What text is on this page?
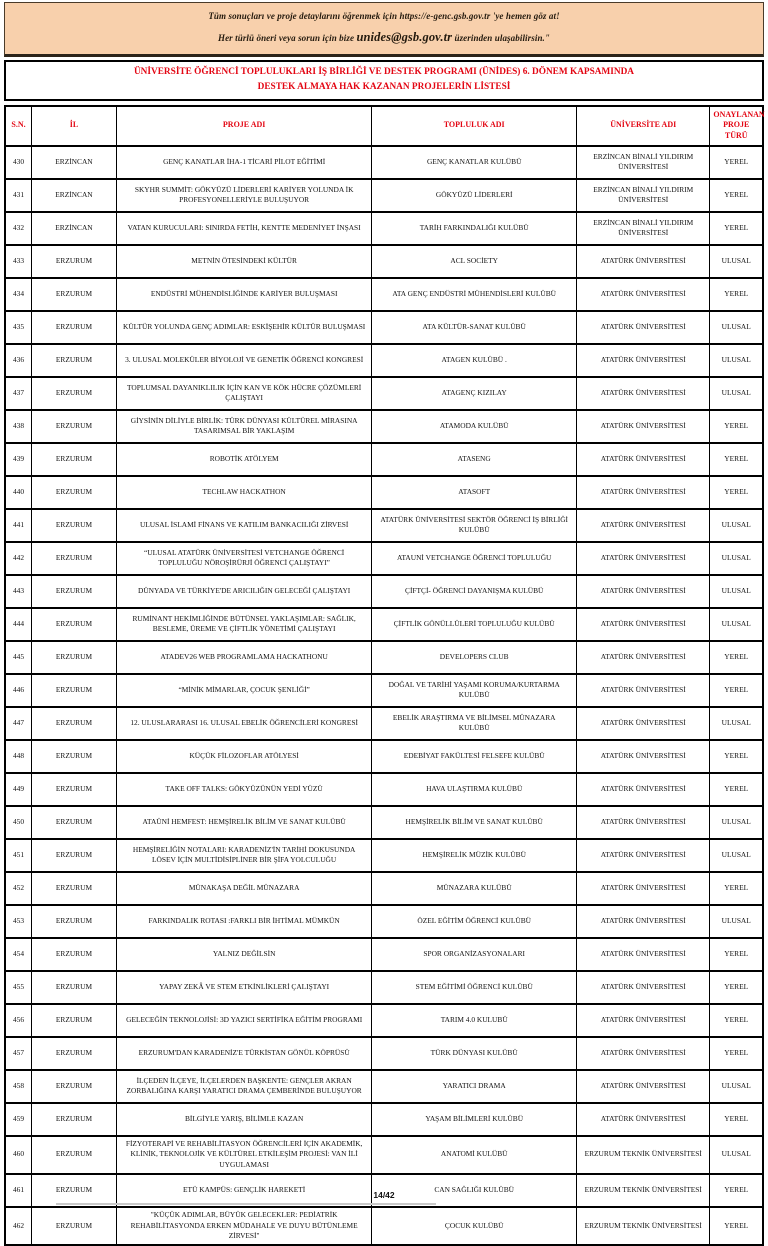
Tüm sonuçları ve proje detaylarını öğrenmek için https://e-genc.gsb.gov.tr 'ye hemen göz at!
Her türlü öneri veya sorun için bize unides@gsb.gov.tr üzerinden ulaşabilirsin."
ÜNİVERSİTE ÖĞRENCİ TOPLULUKLARI İŞ BİRLİĞİ VE DESTEK PROGRAMI (ÜNİDES) 6. DÖNEM KAPSAMINDA
DESTEK ALMAYA HAK KAZANAN PROJELERİN LİSTESİ
S.N.	İL	PROJE ADI	TOPLULUK ADI	ÜNİVERSİTE ADI	ONAYLANAN PROJE TÜRÜ
430	ERZİNCAN	GENÇ KANATLAR İHA-1 TİCARİ PİLOT EĞİTİMİ	GENÇ KANATLAR KULÜBÜ	ERZİNCAN BİNALİ YILDIRIM ÜNİVERSİTESİ	YEREL
431	ERZİNCAN	SKYHR SUMMİT: GÖKYÜZÜ LİDERLERİ KARİYER YOLUNDA İK PROFESYONELLERİYLE BULUŞUYOR	GÖKYÜZÜ LİDERLERİ	ERZİNCAN BİNALİ YILDIRIM ÜNİVERSİTESİ	YEREL
432	ERZİNCAN	VATAN KURUCULARI: SINIRDA FETİH, KENTTE MEDENİYET İNŞASI	TARİH FARKINDALIĞI KULÜBÜ	ERZİNCAN BİNALİ YILDIRIM ÜNİVERSİTESİ	YEREL
433	ERZURUM	METNİN ÖTESİNDEKİ KÜLTÜR	ACL SOCİETY	ATATÜRK ÜNİVERSİTESİ	ULUSAL
434	ERZURUM	ENDÜSTRİ MÜHENDİSLİĞİNDE KARİYER BULUŞMASI	ATA GENÇ ENDÜSTRİ MÜHENDİSLERİ KULÜBÜ	ATATÜRK ÜNİVERSİTESİ	YEREL
435	ERZURUM	KÜLTÜR YOLUNDA GENÇ ADIMLAR: ESKİŞEHİR KÜLTÜR BULUŞMASI	ATA KÜLTÜR-SANAT KULÜBÜ	ATATÜRK ÜNİVERSİTESİ	ULUSAL
436	ERZURUM	3. ULUSAL MOLEKÜLER BİYOLOJİ VE GENETİK ÖĞRENCİ KONGRESİ	ATAGEN KULÜBÜ .	ATATÜRK ÜNİVERSİTESİ	ULUSAL
437	ERZURUM	TOPLUMSAL DAYANIKLILIK İÇİN KAN VE KÖK HÜCRE ÇÖZÜMLERİ ÇALIŞTAYI	ATAGENÇ KIZILAY	ATATÜRK ÜNİVERSİTESİ	ULUSAL
438	ERZURUM	GİYSİNİN DİLİYLE BİRLİK: TÜRK DÜNYASI KÜLTÜREL MİRASINA TASARIMSAL BİR YAKLAŞIM	ATAMODA KULÜBÜ	ATATÜRK ÜNİVERSİTESİ	YEREL
439	ERZURUM	ROBOTİK ATÖLYEM	ATASENG	ATATÜRK ÜNİVERSİTESİ	YEREL
440	ERZURUM	TECHLAW HACKATHON	ATASOFT	ATATÜRK ÜNİVERSİTESİ	YEREL
441	ERZURUM	ULUSAL İSLAMİ FİNANS VE KATILIM BANKACILIĞI ZİRVESİ	ATATÜRK ÜNİVERSİTESİ SEKTÖR ÖĞRENCİ İŞ BİRLİĞİ KULÜBÜ	ATATÜRK ÜNİVERSİTESİ	ULUSAL
442	ERZURUM	“ULUSAL ATATÜRK ÜNİVERSİTESİ VETCHANGE ÖĞRENCİ TOPLULUĞU NÖROŞİRÜRJİ ÖĞRENCİ ÇALIŞTAYI”	ATAUNİ VETCHANGE ÖĞRENCİ TOPLULUĞU	ATATÜRK ÜNİVERSİTESİ	ULUSAL
443	ERZURUM	DÜNYADA VE TÜRKİYE'DE ARICILIĞIN GELECEĞİ ÇALIŞTAYI	ÇİFTÇİ- ÖĞRENCİ DAYANIŞMA KULÜBÜ	ATATÜRK ÜNİVERSİTESİ	ULUSAL
444	ERZURUM	RUMİNANT HEKİMLİĞİNDE BÜTÜNSEL YAKLAŞIMLAR: SAĞLIK, BESLEME, ÜREME VE ÇİFTLİK YÖNETİMİ ÇALIŞTAYI	ÇİFTLİK GÖNÜLLÜLERİ TOPLULUĞU KULÜBÜ	ATATÜRK ÜNİVERSİTESİ	ULUSAL
445	ERZURUM	ATADEV26 WEB PROGRAMLAMA HACKATHONU	DEVELOPERS CLUB	ATATÜRK ÜNİVERSİTESİ	YEREL
446	ERZURUM	“MİNİK MİMARLAR, ÇOCUK ŞENLİĞİ”	DOĞAL VE TARİHİ YAŞAMI KORUMA/KURTARMA KULÜBÜ	ATATÜRK ÜNİVERSİTESİ	YEREL
447	ERZURUM	12. ULUSLARARASI 16. ULUSAL EBELİK ÖĞRENCİLERİ KONGRESİ	EBELİK ARAŞTIRMA VE BİLİMSEL MÜNAZARA KULÜBÜ	ATATÜRK ÜNİVERSİTESİ	ULUSAL
448	ERZURUM	KÜÇÜK FİLOZOFLAR ATÖLYESİ	EDEBİYAT FAKÜLTESİ FELSEFE KULÜBÜ	ATATÜRK ÜNİVERSİTESİ	YEREL
449	ERZURUM	TAKE OFF TALKS: GÖKYÜZÜNÜN YEDİ YÜZÜ	HAVA ULAŞTIRMA KULÜBÜ	ATATÜRK ÜNİVERSİTESİ	YEREL
450	ERZURUM	ATAÜNİ HEMFEST: HEMŞİRELİK BİLİM VE SANAT KULÜBÜ	HEMŞİRELİK BİLİM VE SANAT KULÜBÜ	ATATÜRK ÜNİVERSİTESİ	ULUSAL
451	ERZURUM	HEMŞİRELİĞİN NOTALARI: KARADENİZ'İN TARİHİ DOKUSUNDA LÖSEV İÇİN MULTİDİSİPLİNER BİR ŞİFA YOLCULUĞU	HEMŞİRELİK MÜZİK KULÜBÜ	ATATÜRK ÜNİVERSİTESİ	ULUSAL
452	ERZURUM	MÜNAKAŞA DEĞİL MÜNAZARA	MÜNAZARA KULÜBÜ	ATATÜRK ÜNİVERSİTESİ	YEREL
453	ERZURUM	FARKINDALIK ROTASI :FARKLI BİR İHTİMAL MÜMKÜN	ÖZEL EĞİTİM ÖĞRENCİ KULÜBÜ	ATATÜRK ÜNİVERSİTESİ	ULUSAL
454	ERZURUM	YALNIZ DEĞİLSİN	SPOR ORGANİZASYONALARI	ATATÜRK ÜNİVERSİTESİ	YEREL
455	ERZURUM	YAPAY ZEKÂ VE STEM ETKİNLİKLERİ ÇALIŞTAYI	STEM EĞİTİMİ ÖĞRENCİ KULÜBÜ	ATATÜRK ÜNİVERSİTESİ	YEREL
456	ERZURUM	GELECEĞİN TEKNOLOJİSİ: 3D YAZICI SERTİFİKA EĞİTİM PROGRAMI	TARIM 4.0 KULUBÜ	ATATÜRK ÜNİVERSİTESİ	YEREL
457	ERZURUM	ERZURUM'DAN KARADENİZ'E TÜRKİSTAN GÖNÜL KÖPRÜSÜ	TÜRK DÜNYASI KULÜBÜ	ATATÜRK ÜNİVERSİTESİ	YEREL
458	ERZURUM	İLÇEDEN İLÇEYE, İLÇELERDEN BAŞKENTE: GENÇLER AKRAN ZORBALIĞINA KARŞI YARATICI DRAMA ÇEMBERİNDE BULUŞUYOR	YARATICI DRAMA	ATATÜRK ÜNİVERSİTESİ	ULUSAL
459	ERZURUM	BİLGİYLE YARIŞ, BİLİMLE KAZAN	YAŞAM BİLİMLERİ KULÜBÜ	ATATÜRK ÜNİVERSİTESİ	YEREL
460	ERZURUM	FİZYOTERAPİ VE REHABİLİTASYON ÖĞRENCİLERİ İÇİN AKADEMİK, KLİNİK, TEKNOLOJİK VE KÜLTÜREL ETKİLEŞİM PROJESİ: VAN İLİ UYGULAMASI	ANATOMİ KULÜBÜ	ERZURUM TEKNİK ÜNİVERSİTESİ	ULUSAL
461	ERZURUM	ETÜ KAMPÜS: GENÇLİK HAREKETİ	CAN SAĞLIĞI KULÜBÜ	ERZURUM TEKNİK ÜNİVERSİTESİ	YEREL
462	ERZURUM	"KÜÇÜK ADIMLAR, BÜYÜK GELECEKLER: PEDİATRİK REHABİLİTASYONDA ERKEN MÜDAHALE VE DUYU BÜTÜNLEME ZİRVESİ"	ÇOCUK KULÜBÜ	ERZURUM TEKNİK ÜNİVERSİTESİ	YEREL
14/42
